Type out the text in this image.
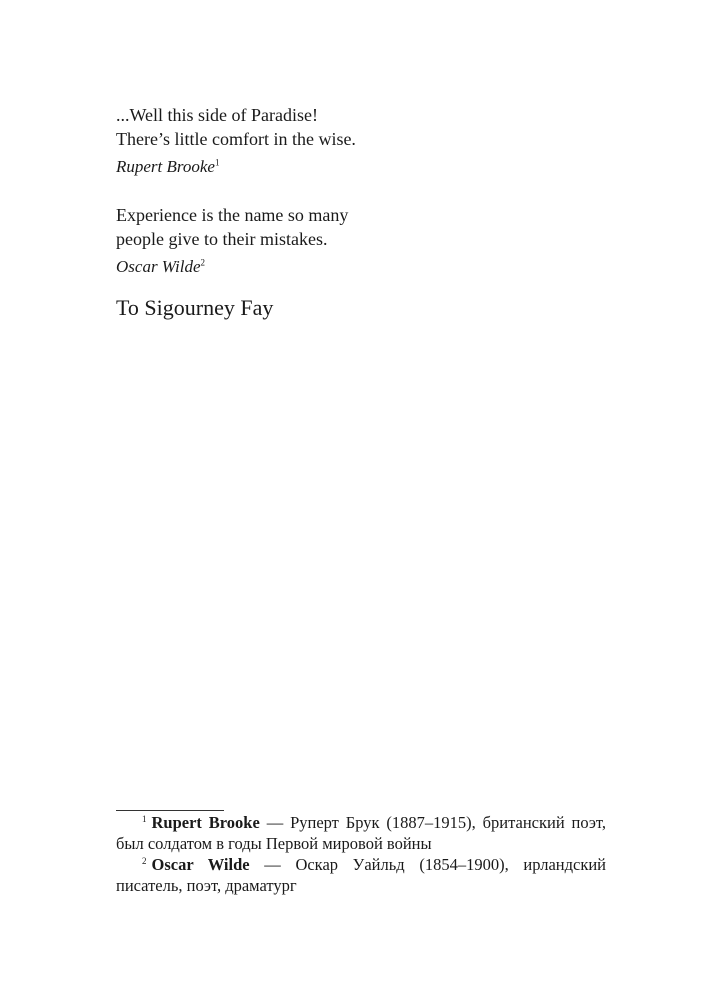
...Well this side of Paradise!
There’s little comfort in the wise.
Rupert Brooke$^1$
Experience is the name so many
people give to their mistakes.
Oscar Wilde$^2$
To Sigourney Fay
$^1$ Rupert Brooke — Руперт Брук (1887–1915), британский поэт, был солдатом в годы Первой мировой войны
$^2$ Oscar Wilde — Оскар Уайльд (1854–1900), ирландский писатель, поэт, драматург
